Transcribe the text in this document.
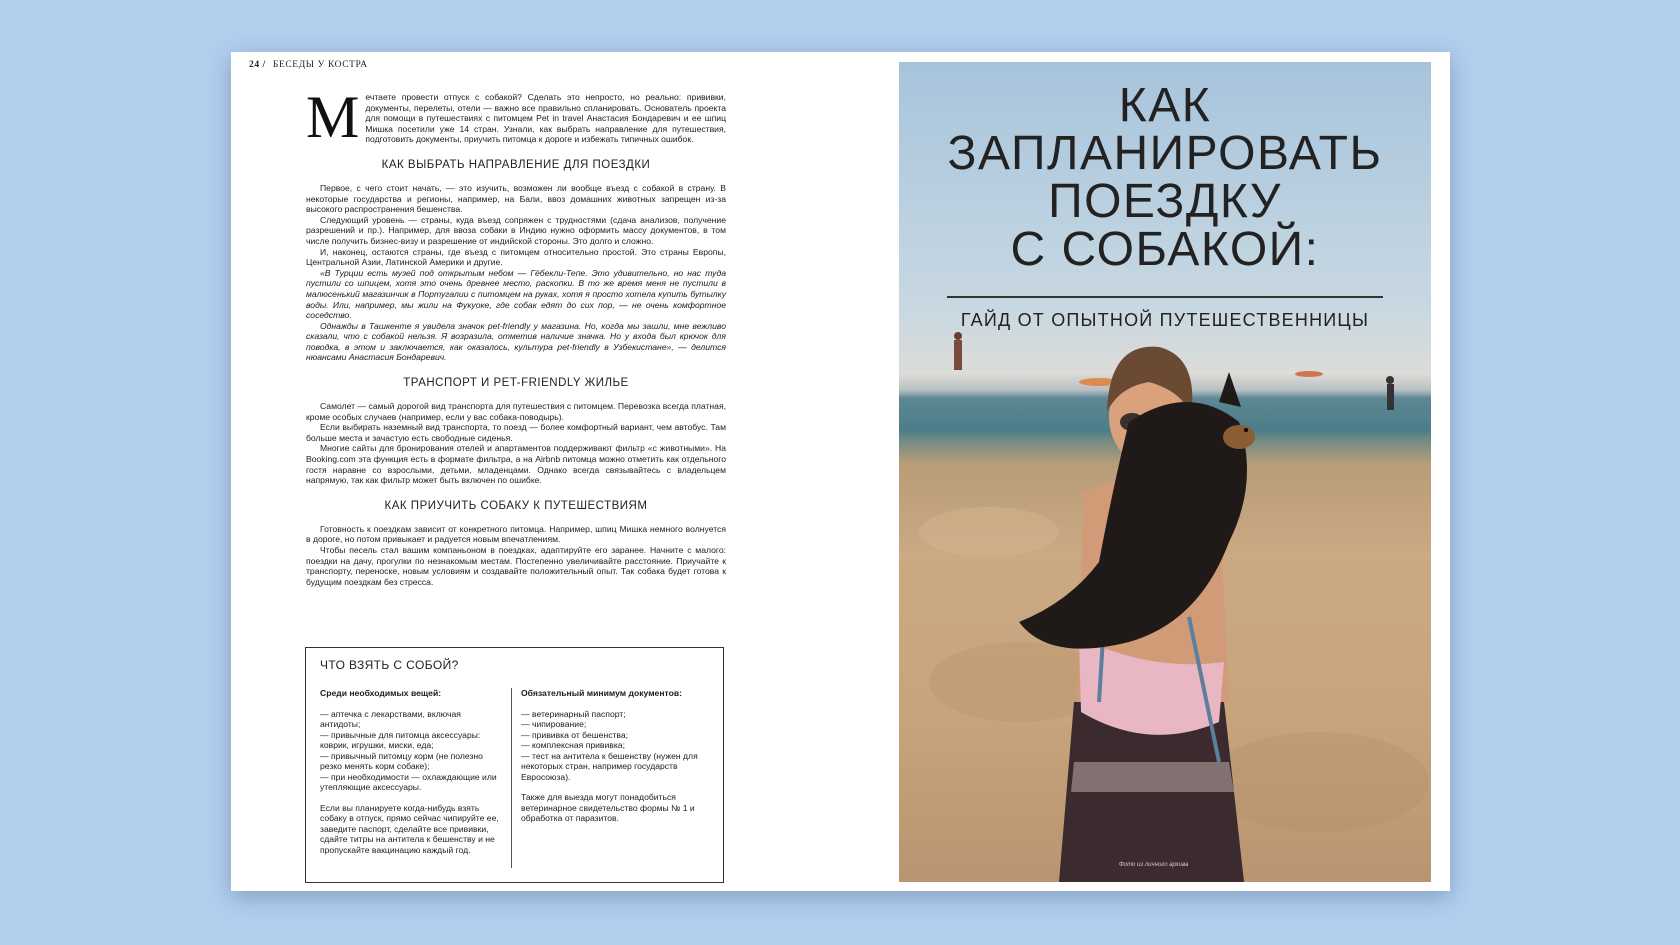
24 / БЕСЕДЫ У КОСТРА

Мечтаете провести отпуск с собакой? Сделать это непросто, но реально: прививки, документы, перелеты, отели — важно все правильно спланировать. Основатель проекта для помощи в путешествиях с питомцем Pet in travel Анастасия Бондаревич и ее шпиц Мишка посетили уже 14 стран. Узнали, как выбрать направление для путешествия, подготовить документы, приучить питомца к дороге и избежать типичных ошибок.

КАК ВЫБРАТЬ НАПРАВЛЕНИЕ ДЛЯ ПОЕЗДКИ

Первое, с чего стоит начать, — это изучить, возможен ли вообще въезд с собакой в страну. В некоторые государства и регионы, например, на Бали, ввоз домашних животных запрещен из-за высокого распространения бешенства.

Следующий уровень — страны, куда въезд сопряжен с трудностями (сдача анализов, получение разрешений и пр.). Например, для ввоза собаки в Индию нужно оформить массу документов, в том числе получить бизнес-визу и разрешение от индийской стороны. Это долго и сложно.

И, наконец, остаются страны, где въезд с питомцем относительно простой. Это страны Европы, Центральной Азии, Латинской Америки и другие.

«В Турции есть музей под открытым небом — Гёбекли-Тепе. Это удивительно, но нас туда пустили со шпицем, хотя это очень древнее место, раскопки. В то же время меня не пустили в малюсенький магазинчик в Португалии с питомцем на руках, хотя я просто хотела купить бутылку воды. Или, например, мы жили на Фукуоке, где собак едят до сих пор, — не очень комфортное соседство.

Однажды в Ташкенте я увидела значок pet-friendly у магазина. Но, когда мы зашли, мне вежливо сказали, что с собакой нельзя. Я возразила, отметив наличие значка. Но у входа был крючок для поводка, в этом и заключается, как оказалось, культура pet-friendly в Узбекистане», — делится нюансами Анастасия Бондаревич.

ТРАНСПОРТ И PET-FRIENDLY ЖИЛЬЕ

Самолет — самый дорогой вид транспорта для путешествия с питомцем. Перевозка всегда платная, кроме особых случаев (например, если у вас собака-поводырь).

Если выбирать наземный вид транспорта, то поезд — более комфортный вариант, чем автобус. Там больше места и зачастую есть свободные сиденья.

Многие сайты для бронирования отелей и апартаментов поддерживают фильтр «с животными». На Booking.com эта функция есть в формате фильтра, а на Airbnb питомца можно отметить как отдельного гостя наравне со взрослыми, детьми, младенцами. Однако всегда связывайтесь с владельцем напрямую, так как фильтр может быть включен по ошибке.

КАК ПРИУЧИТЬ СОБАКУ К ПУТЕШЕСТВИЯМ

Готовность к поездкам зависит от конкретного питомца. Например, шпиц Мишка немного волнуется в дороге, но потом привыкает и радуется новым впечатлениям.

Чтобы песель стал вашим компаньоном в поездках, адаптируйте его заранее. Начните с малого: поездки на дачу, прогулки по незнакомым местам. Постепенно увеличивайте расстояние. Приучайте к транспорту, переноске, новым условиям и создавайте положительный опыт. Так собака будет готова к будущим поездкам без стресса.

ЧТО ВЗЯТЬ С СОБОЙ?
Среди необходимых вещей:
— аптечка с лекарствами, включая антидоты;
— привычные для питомца аксессуары: коврик, игрушки, миски, еда;
— привычный питомцу корм (не полезно резко менять корм собаке);
— при необходимости — охлаждающие или утепляющие аксессуары.
Если вы планируете когда-нибудь взять собаку в отпуск, прямо сейчас чипируйте ее, заведите паспорт, сделайте все прививки, сдайте титры на антитела к бешенству и не пропускайте вакцинацию каждый год.
Обязательный минимум документов:
— ветеринарный паспорт;
— чипирование;
— прививка от бешенства;
— комплексная прививка;
— тест на антитела к бешенству (нужен для некоторых стран, например государств Евросоюза).
Также для выезда могут понадобиться ветеринарное свидетельство формы № 1 и обработка от паразитов.
КАК
ЗАПЛАНИРОВАТЬ
ПОЕЗДКУ
С СОБАКОЙ:
ГАЙД ОТ ОПЫТНОЙ ПУТЕШЕСТВЕННИЦЫ
Фото из личного архива
